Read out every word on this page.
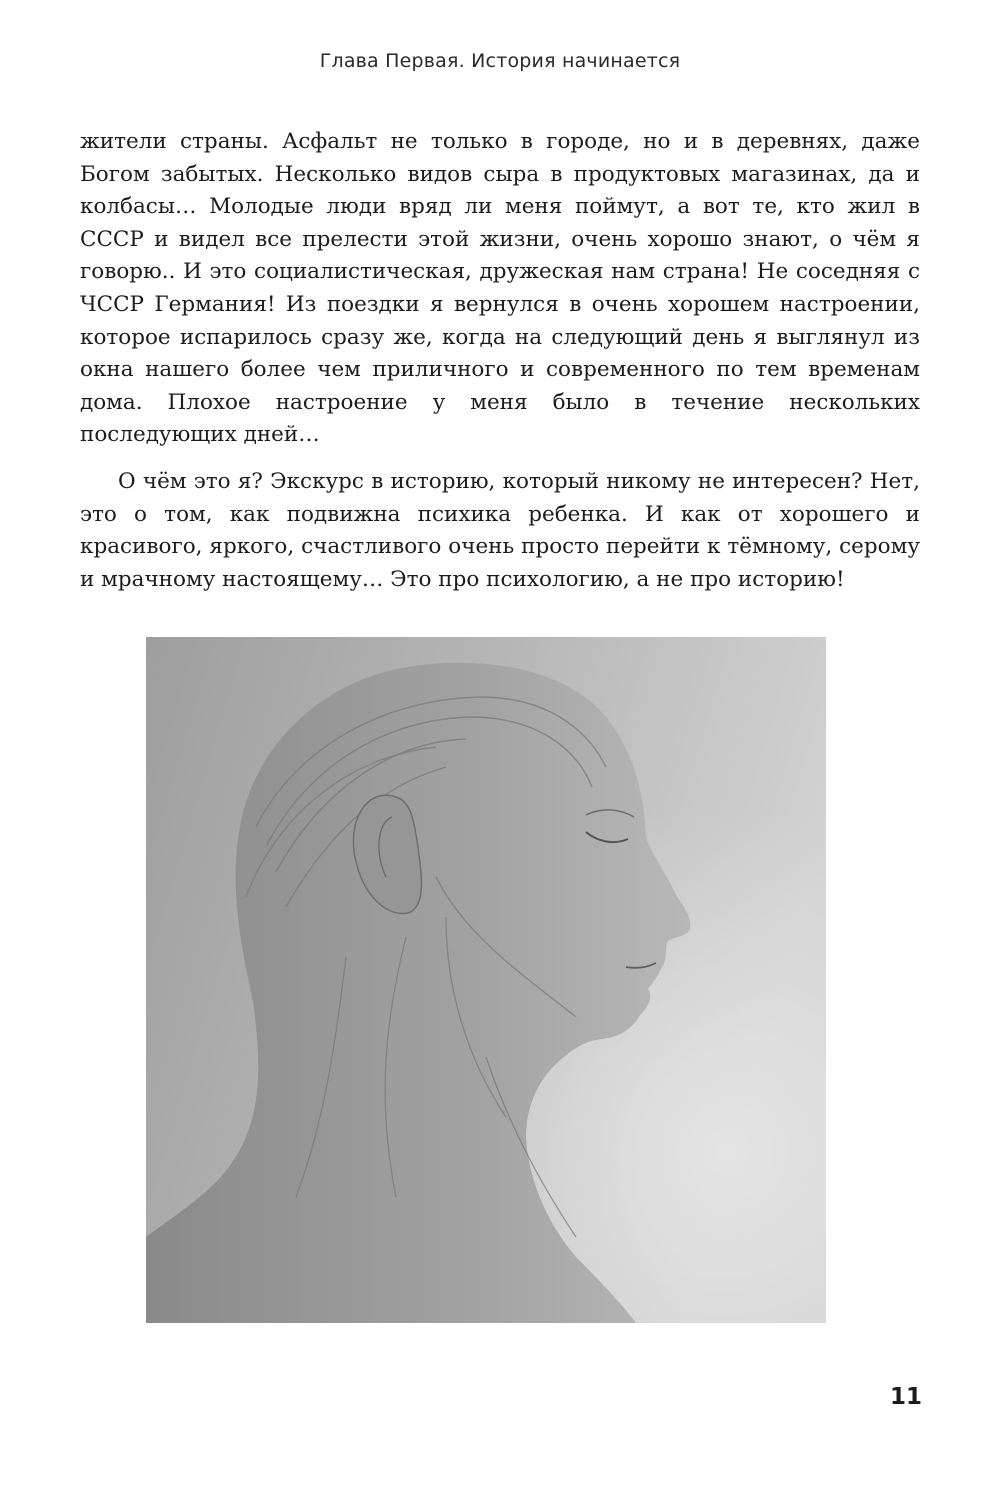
Глава Первая. История начинается

жители страны. Асфальт не только в городе, но и в деревнях, даже Богом забытых. Несколько видов сыра в продуктовых магазинах, да и колбасы… Молодые люди вряд ли меня поймут, а вот те, кто жил в СССР и видел все прелести этой жизни, очень хорошо знают, о чём я говорю.. И это социалистическая, дружеская нам страна! Не соседняя с ЧССР Германия! Из поездки я вернулся в очень хорошем настроении, которое испарилось сразу же, когда на следующий день я выглянул из окна нашего более чем приличного и современного по тем временам дома. Плохое настроение у меня было в течение нескольких последующих дней…

О чём это я? Экскурс в историю, который никому не интересен? Нет, это о том, как подвижна психика ребенка. И как от хорошего и красивого, яркого, счастливого очень просто перейти к тёмному, серому и мрачному настоящему… Это про психологию, а не про историю!

11
